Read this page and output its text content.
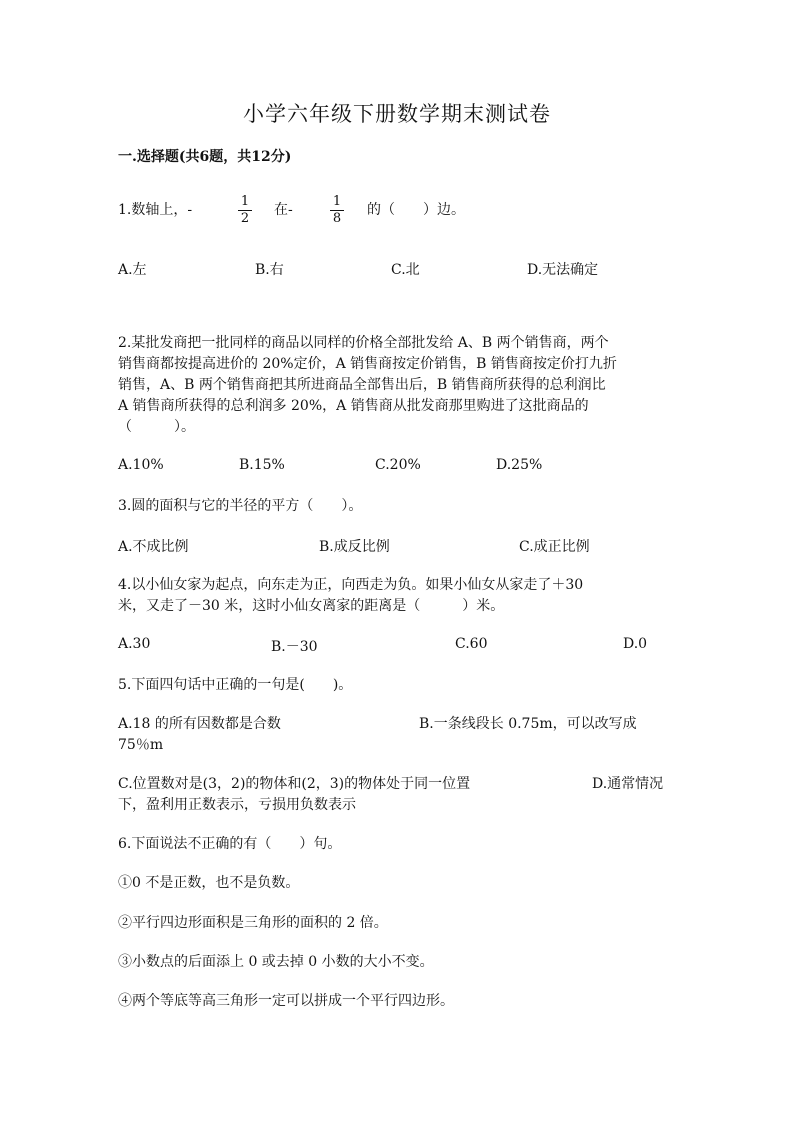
小学六年级下册数学期末测试卷
一.选择题(共6题，共12分)
1.数轴上，-	$\frac{1}{2}$ 在-	$\frac{1}{8}$ 的（　　）边。
A.左	B.右	C.北	D.无法确定
2.某批发商把一批同样的商品以同样的价格全部批发给 A、B 两个销售商，两个
销售商都按提高进价的 20%定价，A 销售商按定价销售，B 销售商按定价打九折
销售，A、B 两个销售商把其所进商品全部售出后，B 销售商所获得的总利润比
A 销售商所获得的总利润多 20%，A 销售商从批发商那里购进了这批商品的
（　　　）。
A.10%	B.15%	C.20%	D.25%
3.圆的面积与它的半径的平方（　　）。
A.不成比例	B.成反比例	C.成正比例
4.以小仙女家为起点，向东走为正，向西走为负。如果小仙女从家走了＋30
米，又走了－30 米，这时小仙女离家的距离是（　　　）米。
A.30	B.－30	C.60	D.0
5.下面四句话中正确的一句是(　　)。
A.18 的所有因数都是合数	B.一条线段长 0.75m，可以改写成
75％m
C.位置数对是(3，2)的物体和(2，3)的物体处于同一位置	D.通常情况
下，盈利用正数表示，亏损用负数表示
6.下面说法不正确的有（　　）句。
①0 不是正数，也不是负数。
②平行四边形面积是三角形的面积的 2 倍。
③小数点的后面添上 0 或去掉 0 小数的大小不变。
④两个等底等高三角形一定可以拼成一个平行四边形。
